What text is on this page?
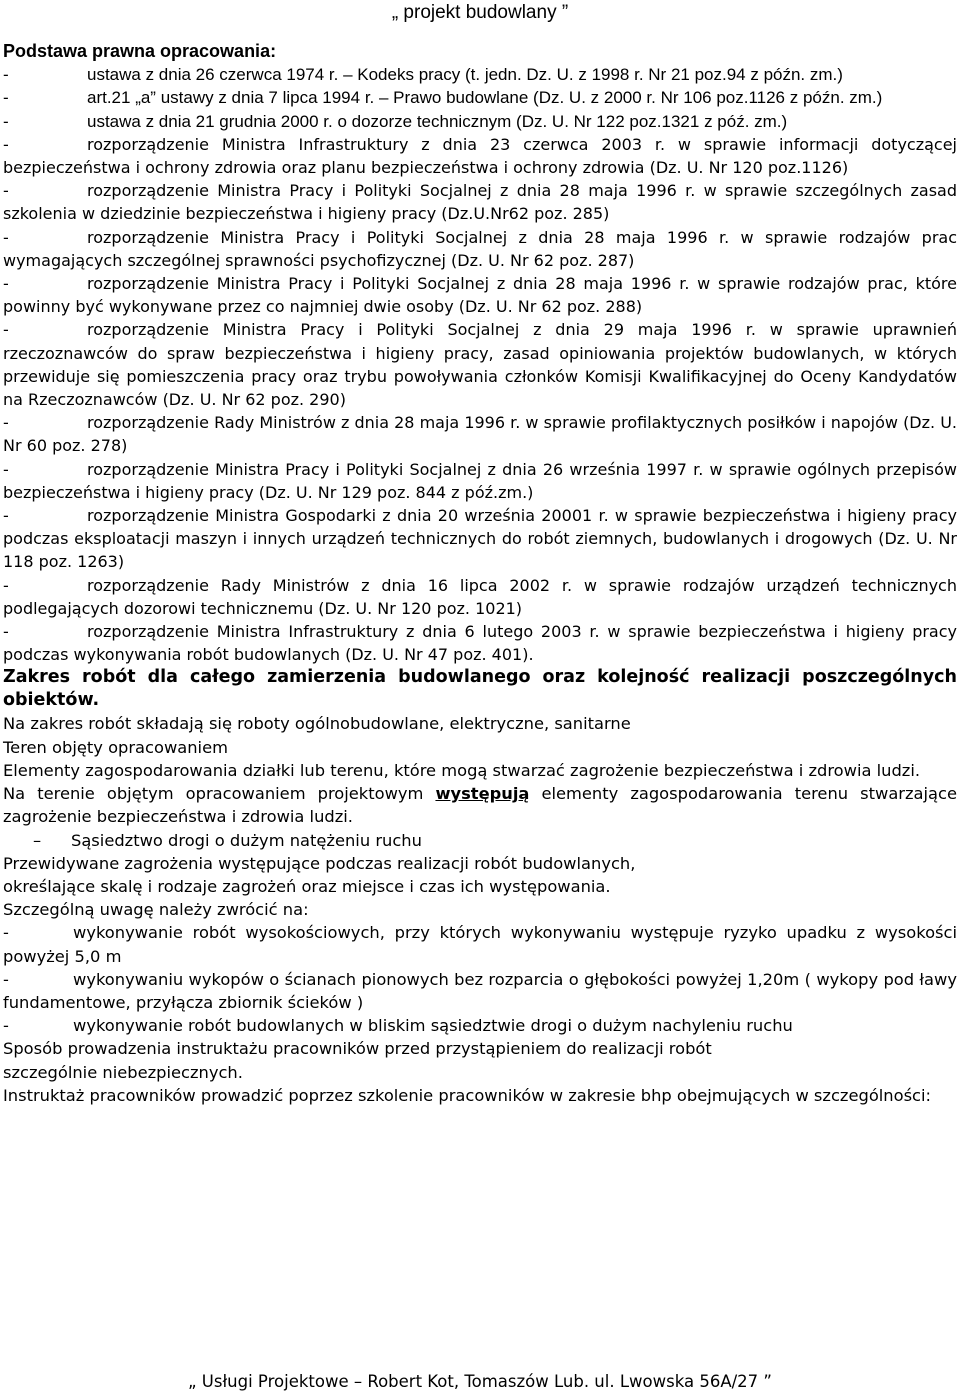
„ projekt budowlany ”

Podstawa prawna opracowania:

-	ustawa z dnia 26 czerwca 1974 r. – Kodeks pracy (t. jedn. Dz. U. z 1998 r. Nr 21 poz.94 z późn. zm.)

-	art.21 „a” ustawy z dnia 7 lipca 1994 r. – Prawo budowlane (Dz. U. z 2000 r. Nr 106 poz.1126 z późn. zm.)

-	ustawa z dnia 21 grudnia 2000 r. o dozorze technicznym (Dz. U. Nr 122 poz.1321 z póź. zm.)

-	rozporządzenie Ministra Infrastruktury z dnia 23 czerwca 2003 r. w sprawie informacji dotyczącej bezpieczeństwa i ochrony zdrowia oraz planu bezpieczeństwa i ochrony zdrowia (Dz. U. Nr 120 poz.1126)

-	rozporządzenie Ministra Pracy i Polityki Socjalnej z dnia 28 maja 1996 r. w sprawie szczególnych zasad szkolenia w dziedzinie bezpieczeństwa i higieny pracy (Dz.U.Nr62 poz. 285)

-	rozporządzenie Ministra Pracy i Polityki Socjalnej z dnia 28 maja 1996 r. w sprawie rodzajów prac wymagających szczególnej sprawności psychofizycznej (Dz. U. Nr 62 poz. 287)

-	rozporządzenie Ministra Pracy i Polityki Socjalnej z dnia 28 maja 1996 r. w sprawie rodzajów prac, które powinny być wykonywane przez co najmniej dwie osoby (Dz. U. Nr 62 poz. 288)

-	rozporządzenie Ministra Pracy i Polityki Socjalnej z dnia 29 maja 1996 r. w sprawie uprawnień rzeczoznawców do spraw bezpieczeństwa i higieny pracy, zasad opiniowania projektów budowlanych, w których przewiduje się pomieszczenia pracy oraz trybu powoływania członków Komisji Kwalifikacyjnej do Oceny Kandydatów na Rzeczoznawców (Dz. U. Nr 62 poz. 290)

-	rozporządzenie Rady Ministrów z dnia 28 maja 1996 r. w sprawie profilaktycznych posiłków i napojów (Dz. U. Nr 60 poz. 278)

-	rozporządzenie Ministra Pracy i Polityki Socjalnej z dnia 26 września 1997 r. w sprawie ogólnych przepisów bezpieczeństwa i higieny pracy (Dz. U. Nr 129 poz. 844 z póź.zm.)

-	rozporządzenie Ministra Gospodarki z dnia 20 września 20001 r. w sprawie bezpieczeństwa i higieny pracy podczas eksploatacji maszyn i innych urządzeń technicznych do robót ziemnych, budowlanych i drogowych (Dz. U. Nr 118 poz. 1263)

-	rozporządzenie Rady Ministrów z dnia 16 lipca 2002 r. w sprawie rodzajów urządzeń technicznych podlegających dozorowi technicznemu (Dz. U. Nr 120 poz. 1021)

-	rozporządzenie Ministra Infrastruktury z dnia 6 lutego 2003 r. w sprawie bezpieczeństwa i higieny pracy podczas wykonywania robót budowlanych (Dz. U. Nr 47 poz. 401).

Zakres robót dla całego zamierzenia budowlanego oraz kolejność realizacji poszczególnych obiektów.

Na zakres robót składają się roboty ogólnobudowlane, elektryczne, sanitarne

Teren objęty opracowaniem

Elementy zagospodarowania działki lub terenu, które mogą stwarzać zagrożenie bezpieczeństwa i zdrowia ludzi.

Na terenie objętym opracowaniem projektowym występują elementy zagospodarowania terenu stwarzające zagrożenie bezpieczeństwa i zdrowia ludzi.

– Sąsiedztwo drogi o dużym natężeniu ruchu

Przewidywane zagrożenia występujące podczas realizacji robót budowlanych,

określające skalę i rodzaje zagrożeń oraz miejsce i czas ich występowania.

Szczególną uwagę należy zwrócić na:

-	wykonywanie robót wysokościowych, przy których wykonywaniu występuje ryzyko upadku z wysokości powyżej 5,0 m

-	wykonywaniu wykopów o ścianach pionowych bez rozparcia o głębokości powyżej 1,20m ( wykopy pod ławy fundamentowe, przyłącza zbiornik ścieków )

-	wykonywanie robót budowlanych w bliskim sąsiedztwie drogi o dużym nachyleniu ruchu

Sposób prowadzenia instruktażu pracowników przed przystąpieniem do realizacji robót

szczególnie niebezpiecznych.

Instruktaż pracowników prowadzić poprzez szkolenie pracowników w zakresie bhp obejmujących w szczególności:

„ Usługi Projektowe – Robert Kot, Tomaszów Lub. ul. Lwowska 56A/27 ”
